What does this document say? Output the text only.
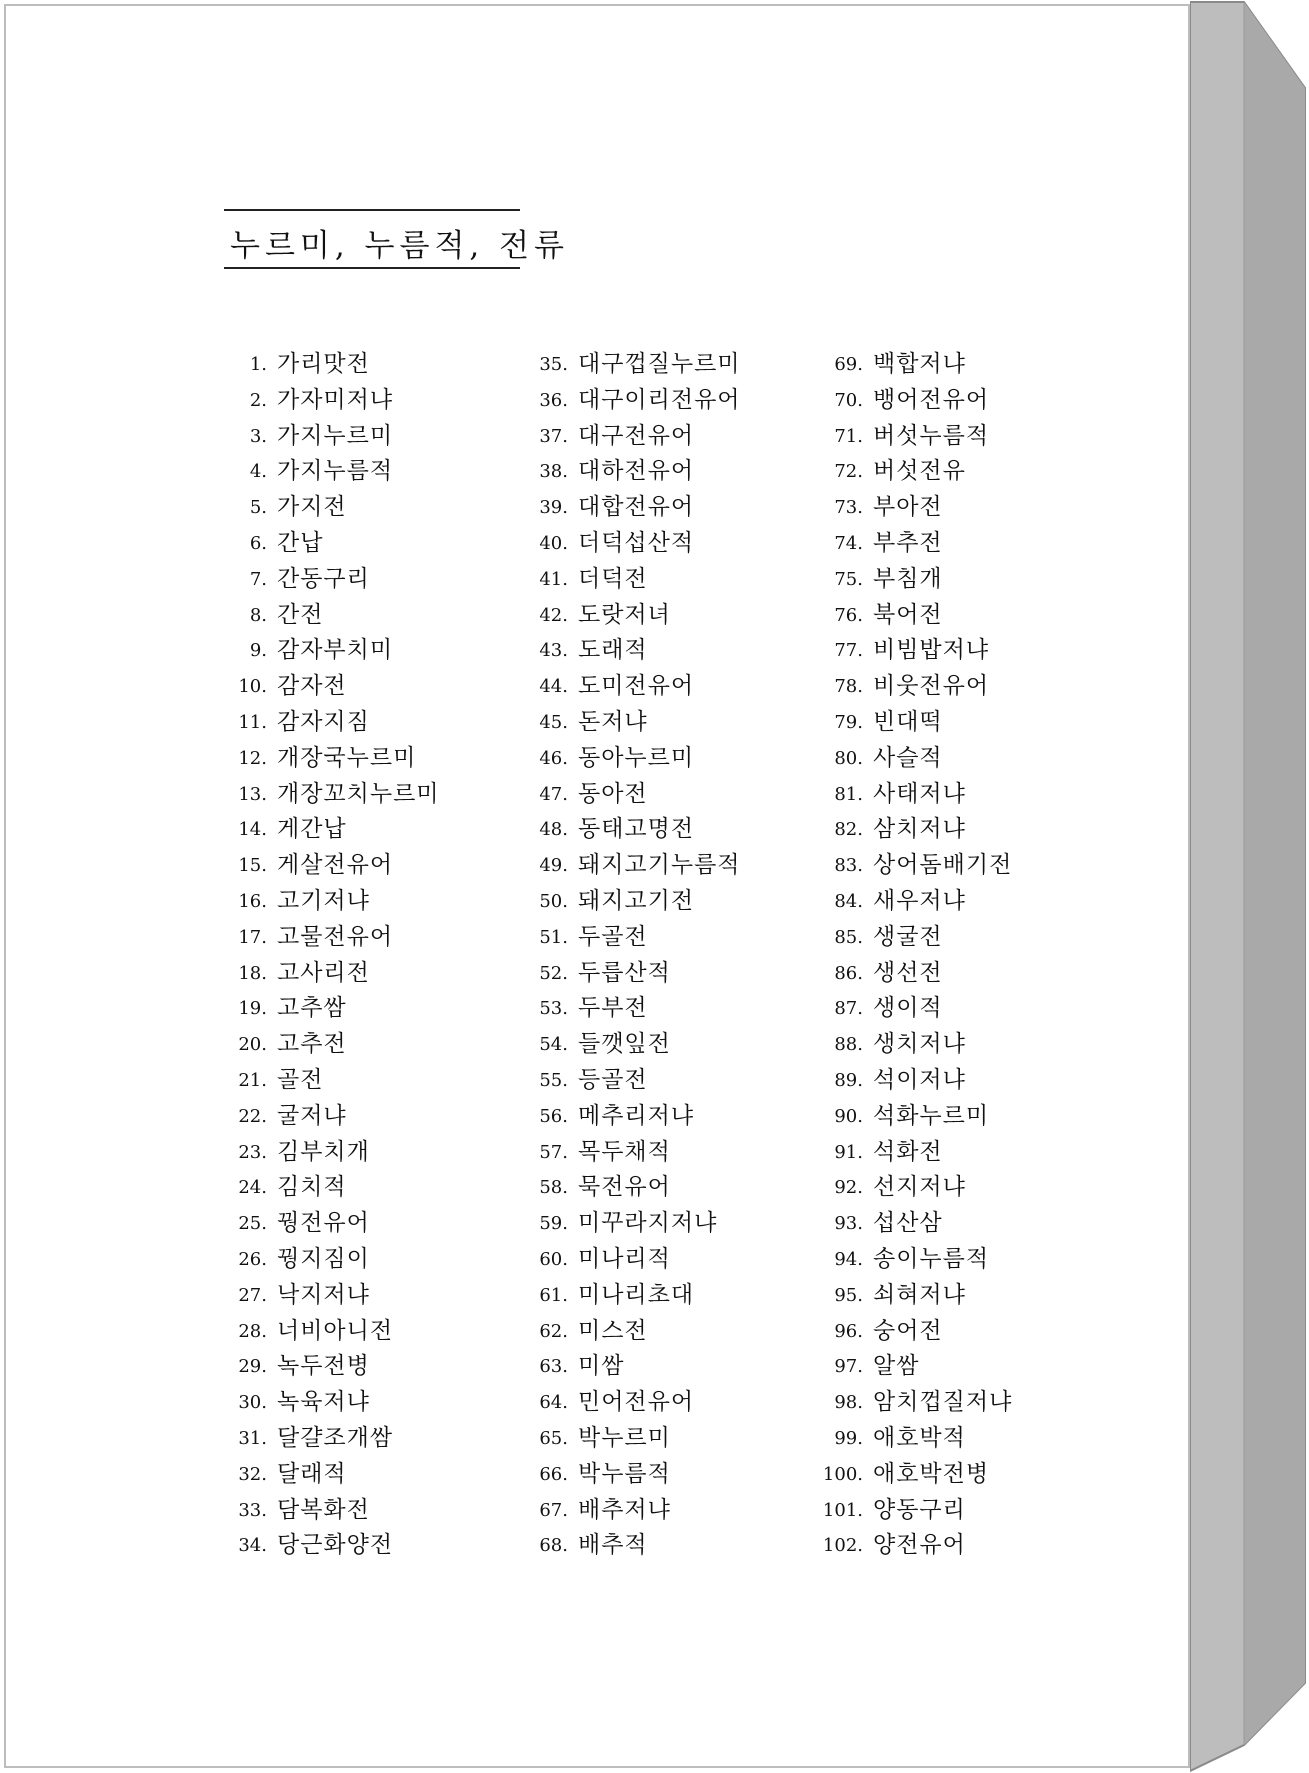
누르미, 누름적, 전류
1. 가리맛전
2. 가자미저냐
3. 가지누르미
4. 가지누름적
5. 가지전
6. 간납
7. 간동구리
8. 간전
9. 감자부치미
10. 감자전
11. 감자지짐
12. 개장국누르미
13. 개장꼬치누르미
14. 게간납
15. 게살전유어
16. 고기저냐
17. 고물전유어
18. 고사리전
19. 고추쌈
20. 고추전
21. 골전
22. 굴저냐
23. 김부치개
24. 김치적
25. 꿩전유어
26. 꿩지짐이
27. 낙지저냐
28. 너비아니전
29. 녹두전병
30. 녹육저냐
31. 달걀조개쌈
32. 달래적
33. 담복화전
34. 당근화양전
35. 대구껍질누르미
36. 대구이리전유어
37. 대구전유어
38. 대하전유어
39. 대합전유어
40. 더덕섭산적
41. 더덕전
42. 도랏저녀
43. 도래적
44. 도미전유어
45. 돈저냐
46. 동아누르미
47. 동아전
48. 동태고명전
49. 돼지고기누름적
50. 돼지고기전
51. 두골전
52. 두릅산적
53. 두부전
54. 들깻잎전
55. 등골전
56. 메추리저냐
57. 목두채적
58. 묵전유어
59. 미꾸라지저냐
60. 미나리적
61. 미나리초대
62. 미스전
63. 미쌈
64. 민어전유어
65. 박누르미
66. 박누름적
67. 배추저냐
68. 배추적
69. 백합저냐
70. 뱅어전유어
71. 버섯누름적
72. 버섯전유
73. 부아전
74. 부추전
75. 부침개
76. 북어전
77. 비빔밥저냐
78. 비웃전유어
79. 빈대떡
80. 사슬적
81. 사태저냐
82. 삼치저냐
83. 상어돔배기전
84. 새우저냐
85. 생굴전
86. 생선전
87. 생이적
88. 생치저냐
89. 석이저냐
90. 석화누르미
91. 석화전
92. 선지저냐
93. 섭산삼
94. 송이누름적
95. 쇠혀저냐
96. 숭어전
97. 알쌈
98. 암치껍질저냐
99. 애호박적
100. 애호박전병
101. 양동구리
102. 양전유어
